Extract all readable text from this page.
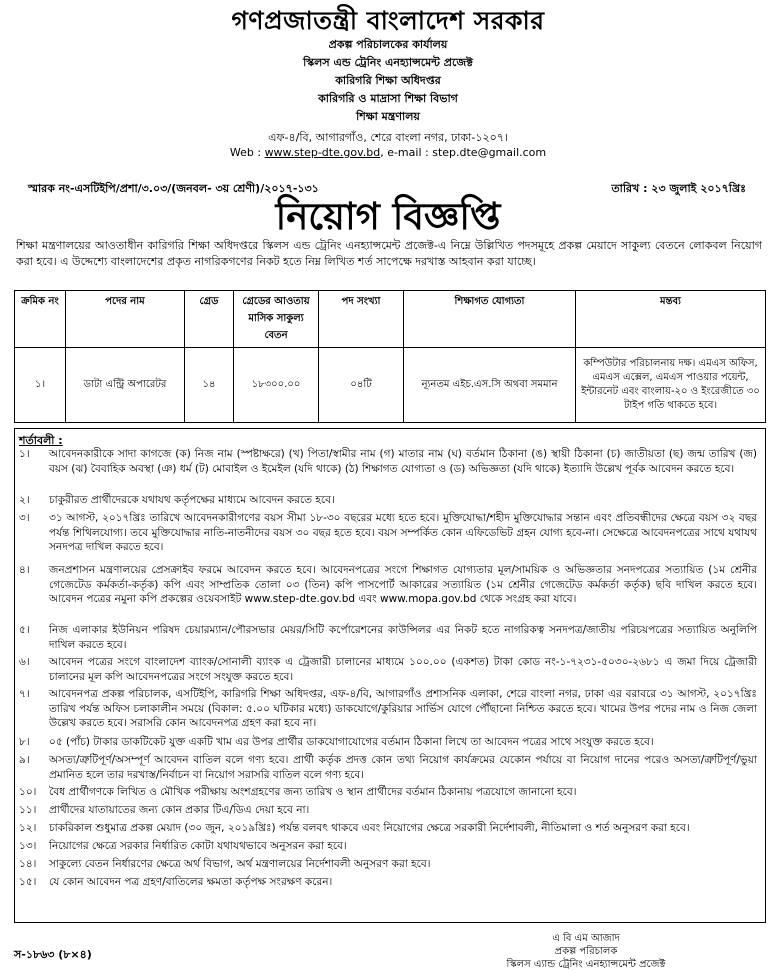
গণপ্রজাতন্ত্রী বাংলাদেশ সরকার
প্রকল্প পরিচালকের কার্যালয়
স্কিলস এন্ড ট্রেনিং এনহ্যান্সমেন্ট প্রজেক্ট
কারিগরি শিক্ষা অধিদপ্তর
কারিগরি ও মাদ্রাসা শিক্ষা বিভাগ
শিক্ষা মন্ত্রণালয়
এফ-৪/বি, আগারগাঁও, শেরে বাংলা নগর, ঢাকা-১২০৭।
Web : www.step-dte.gov.bd, e-mail : step.dte@gmail.com
স্মারক নং-এসটিইপি/প্রশা/৩.০৩/(জনবল- ৩য় শ্রেণী)/২০১৭-১৩১	তারিখ : ২৩ জুলাই ২০১৭খ্রিঃ
নিয়োগ বিজ্ঞপ্তি
শিক্ষা মন্ত্রণালয়ের আওতাধীন কারিগরি শিক্ষা অধিদপ্তরে স্কিলস এন্ড ট্রেনিং এনহ্যান্সমেন্ট প্রজেক্ট-এ নিম্নে উল্লিখিত পদসমূহে প্রকল্প মেয়াদে সাকুল্য বেতনে লোকবল নিয়োগ করা হবে। এ উদ্দেশ্যে বাংলাদেশের প্রকৃত নাগরিকগণের নিকট হতে নিম্ন লিখিত শর্ত সাপেক্ষে দরখাস্ত আহবান করা যাচ্ছে।
ক্রমিক নং	পদের নাম	গ্রেড	গ্রেডের আওতায় মাসিক সাকুল্য বেতন	পদ সংখ্যা	শিক্ষাগত যোগ্যতা	মন্তব্য
১।	ডাটা এন্ট্রি অপারেটর	১৪	১৮৩০০.০০	০৪টি	ন্যূনতম এইচ.এস.সি অথবা সমমান	কম্পিউটার পরিচালনায় দক্ষ। এমএস অফিস, এমএস এক্সেল, এমএস পাওয়ার পয়েন্ট, ইন্টারনেট এবং বাংলায়-২০ ও ইংরেজীতে ৩০ টাইপ গতি থাকতে হবে।
শর্তাবলী :
১।	আবেদনকারীকে সাদা কাগজে (ক) নিজ নাম (স্পষ্টাক্ষরে) (খ) পিতা/স্বামীর নাম (গ) মাতার নাম (ঘ) বর্তমান ঠিকানা (ঙ) স্থায়ী ঠিকানা (চ) জাতীয়তা (ছ) জন্ম তারিখ (জ) বয়স (ঝ) বৈবাহিক অবস্থা (ঞ) ধর্ম (ট) মোবাইল ও ইমেইল (যদি থাকে) (ঠ) শিক্ষাগত যোগ্যতা ও (ড) অভিজ্ঞতা (যদি থাকে) ইত্যাদি উল্লেখ পূর্বক আবেদন করতে হবে।
২।	চাকুরীরত প্রার্থীদেরকে যথাযথ কর্তৃপক্ষের মাধ্যমে আবেদন করতে হবে।
৩।	৩১ আগস্ট, ২০১৭খ্রিঃ তারিখে আবেদনকারীগণের বয়স সীমা ১৮-৩০ বছরের মধ্যে হতে হবে। মুক্তিযোদ্ধা/শহীদ মুক্তিযোদ্ধার সন্তান এবং প্রতিবন্ধীদের ক্ষেত্রে বয়স ৩২ বছর পর্যন্ত শিথিলযোগ্য। তবে মুক্তিযোদ্ধার নাতি-নাতনীদের বয়স ৩০ বছর হতে হবে। বয়স সম্পর্কিত কোন এফিডেভিট গ্রহন যোগ্য হবে-না। সেক্ষেত্রে আবেদনপত্রের সাথে যথাযথ সনদপত্র দাখিল করতে হবে।
৪।	জনপ্রশাসন মন্ত্রণালয়ের প্রেসক্রাইব ফরমে আবেদন করতে হবে। আবেদনপত্রের সংগে শিক্ষাগত যোগ্যতার মূল/সাময়িক ও অভিজ্ঞতার সনদপত্রের সত্যায়িত (১ম শ্রেনীর গেজেটেড কর্মকর্তা-কর্তৃক) কপি এবং সাম্প্রতিক তোলা ০৩ (তিন) কপি পাসপোর্ট আকারের সত্যায়িত (১ম শ্রেনীর গেজেটেড কর্মকর্তা কর্তৃক) ছবি দাখিল করতে হবে। আবেদন পত্রের নমুনা কপি প্রকল্পের ওয়েবসাইট www.step-dte.gov.bd এবং www.mopa.gov.bd থেকে সংগ্রহ করা যাবে।
৫।	নিজ এলাকার ইউনিয়ন পরিষদ চেয়ারম্যান/পৌরসভার মেয়র/সিটি কর্পোরেশনের কাউন্সিলর এর নিকট হতে নাগরিকত্ব সনদপত্র/জাতীয় পরিচয়পত্রের সত্যায়িত অনুলিপি দাখিল করতে হবে।
৬।	আবেদন পত্রের সংগে বাংলাদেশ ব্যাংক/সোনালী ব্যাংক এ ট্রেজারী চালানের মাধ্যমে ১০০.০০ (একশত) টাকা কোড নং-১-৭২৩১-৫০৩০-২৬৮১ এ জমা দিয়ে ট্রেজারী চালানের মূল কপি আবেদনপত্রের সংগে সংযুক্ত করতে হবে।
৭।	আবেদনপত্র প্রকল্প পরিচালক, এসটিইপি, কারিগরি শিক্ষা অধিদপ্তর, এফ-৪/বি, আগারগাঁও প্রশাসনিক এলাকা, শেরে বাংলা নগর, ঢাকা এর বরাবরে ৩১ আগস্ট, ২০১৭খ্রিঃ তারিখ পর্যন্ত অফিস চলাকালীন সময়ে (বিকাল: ৫.০০ ঘটিকার মধ্যে) ডাকযোগে/কুরিয়ার সার্ভিস যোগে পৌঁছানো নিশ্চিত করতে হবে। খামের উপর পদের নাম ও নিজ জেলা উল্লেখ করতে হবে। সরাসরি কোন আবেদনপত্র গ্রহণ করা হবে না।
৮।	০৫ (পাঁচ) টাকার ডাকটিকেট যুক্ত একটি খাম এর উপর প্রার্থীর ডাকযোগাযোগের বর্তমান ঠিকানা লিখে তা আবেদন পত্রের সাথে সংযুক্ত করতে হবে।
৯।	অসত্য/ত্রুটিপূর্ণ/অসম্পূর্ণ আবেদন বাতিল বলে গণ্য হবে। প্রার্থী কর্তৃক প্রদত্ত কোন তথ্য নিয়োগ কার্যক্রমের যেকোন পর্যায়ে বা নিয়োগ দানের পরেও অসত্য/ত্রুটিপূর্ণ/ভুয়া প্রমানিত হলে তার দরখাস্ত/নির্বাচন বা নিয়োগ সরাসরি বাতিল বলে গণ্য হবে।
১০।	বৈধ প্রার্থীগণকে লিখিত ও মৌখিক পরীক্ষায় অংশগ্রহণের জন্য তারিখ ও স্থান প্রার্থীদের বর্তমান ঠিকানায় পত্রযোগে জানানো হবে।
১১।	প্রার্থীদের যাতায়াতের জন্য কোন প্রকার টিএ/ডিএ দেয়া হবে না।
১২।	চাকরিকাল শুধুমাত্র প্রকল্প মেয়াদ (৩০ জুন, ২০১৯খ্রিঃ) পর্যন্ত বলবৎ থাকবে এবং নিয়োগের ক্ষেত্রে সরকারী নির্দেশাবলী, নীতিমালা ও শর্ত অনুসরণ করা হবে।
১৩।	নিয়োগের ক্ষেত্রে সরকার নির্ধারিত কোটা যথাযথভাবে অনুসরন করা হবে।
১৪।	সাকুল্যে বেতন নির্ধারণের ক্ষেত্রে অর্থ বিভাগ, অর্থ মন্ত্রণালয়ের নির্দেশাবলী অনুসরণ করা হবে।
১৫।	যে কোন আবেদন পত্র গ্রহণ/বাতিলের ক্ষমতা কর্তৃপক্ষ সংরক্ষণ করেন।
এ বি এম আজাদ
প্রকল্প পরিচালক
স্কিলস এ্যান্ড ট্রেনিং এনহ্যান্সমেন্ট প্রজেক্ট
স-১৮৬৩ (৮×৪)
